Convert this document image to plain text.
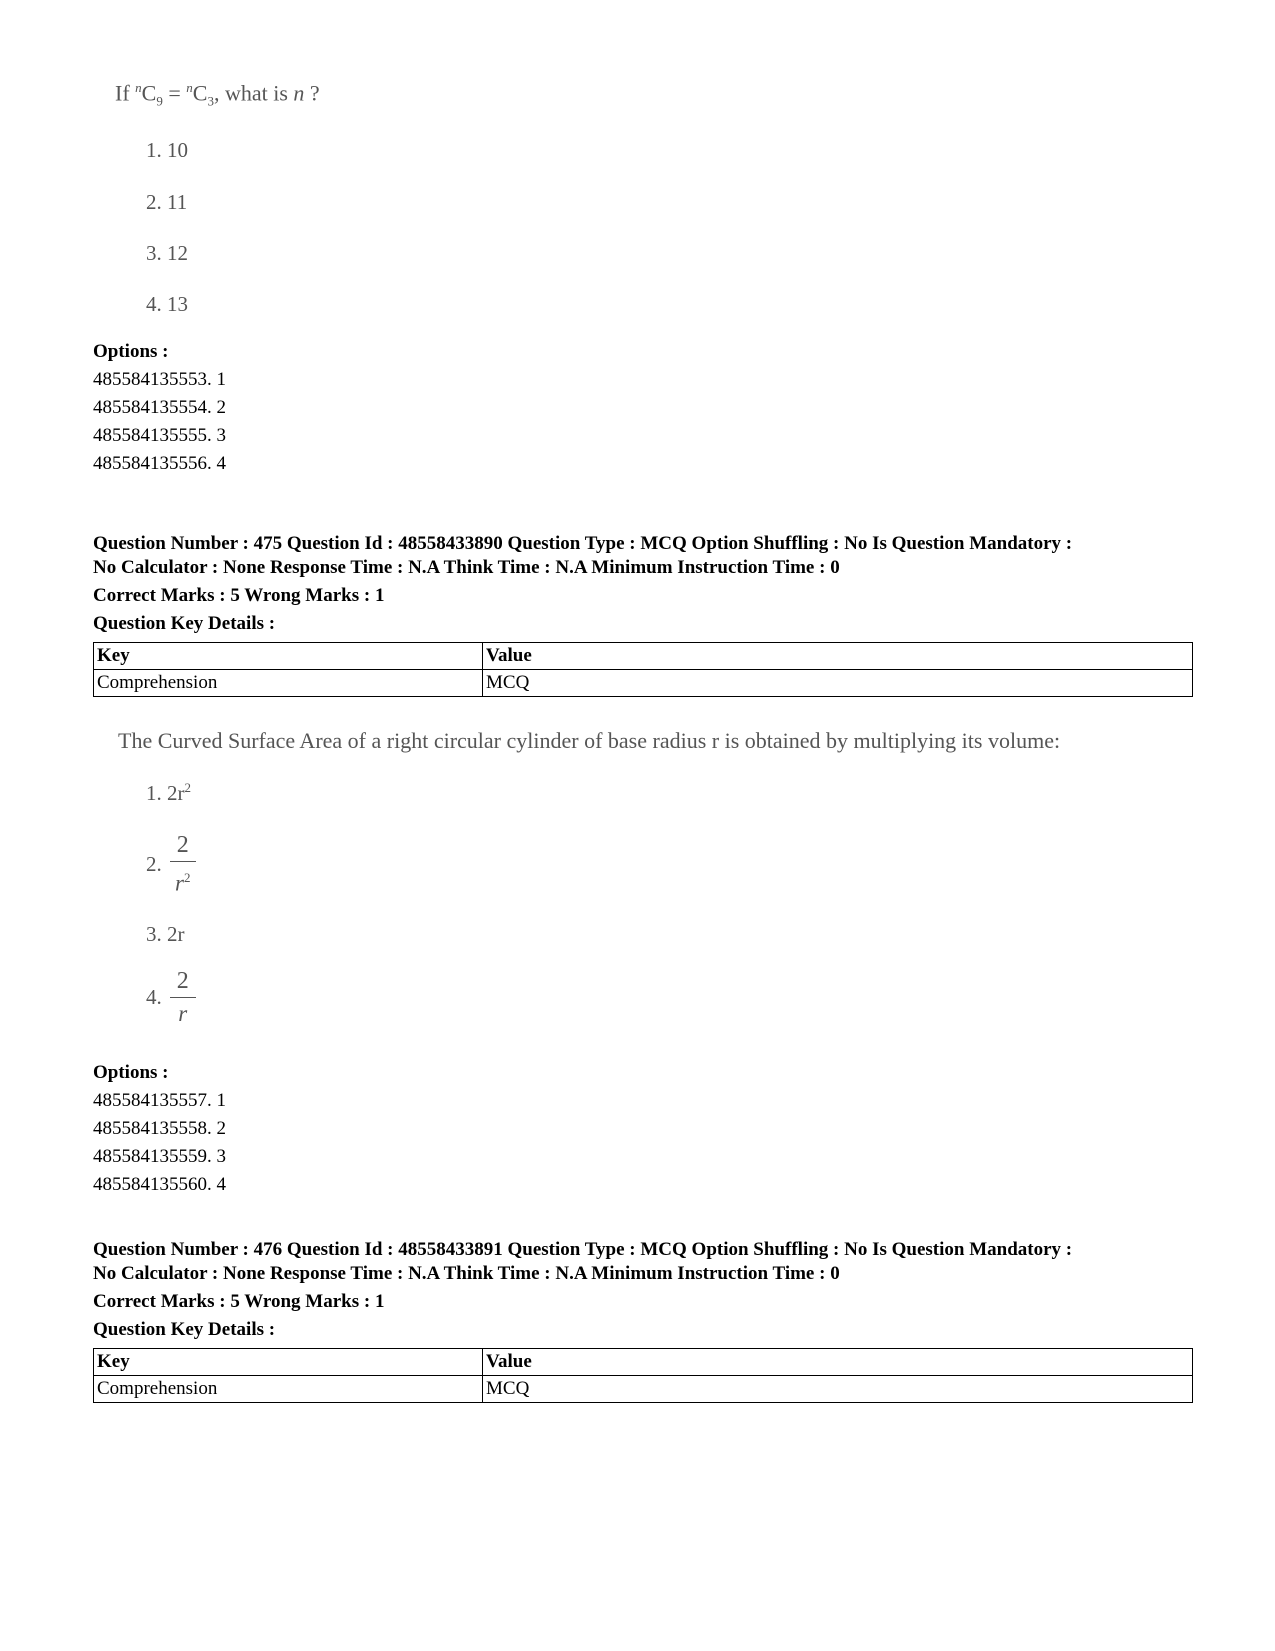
If $^nC_9 = ^nC_3$, what is n ?
1. 10
2. 11
3. 12
4. 13
Options :
485584135553. 1
485584135554. 2
485584135555. 3
485584135556. 4
Question Number : 475 Question Id : 48558433890 Question Type : MCQ Option Shuffling : No Is Question Mandatory :
No Calculator : None Response Time : N.A Think Time : N.A Minimum Instruction Time : 0
Correct Marks : 5 Wrong Marks : 1
Question Key Details :
Key	Value
Comprehension	MCQ
The Curved Surface Area of a right circular cylinder of base radius r is obtained by multiplying its volume:
1. $2r^2$
2. $\frac{2}{r^2}$
3. 2r
4. $\frac{2}{r}$
Options :
485584135557. 1
485584135558. 2
485584135559. 3
485584135560. 4
Question Number : 476 Question Id : 48558433891 Question Type : MCQ Option Shuffling : No Is Question Mandatory :
No Calculator : None Response Time : N.A Think Time : N.A Minimum Instruction Time : 0
Correct Marks : 5 Wrong Marks : 1
Question Key Details :
Key	Value
Comprehension	MCQ
